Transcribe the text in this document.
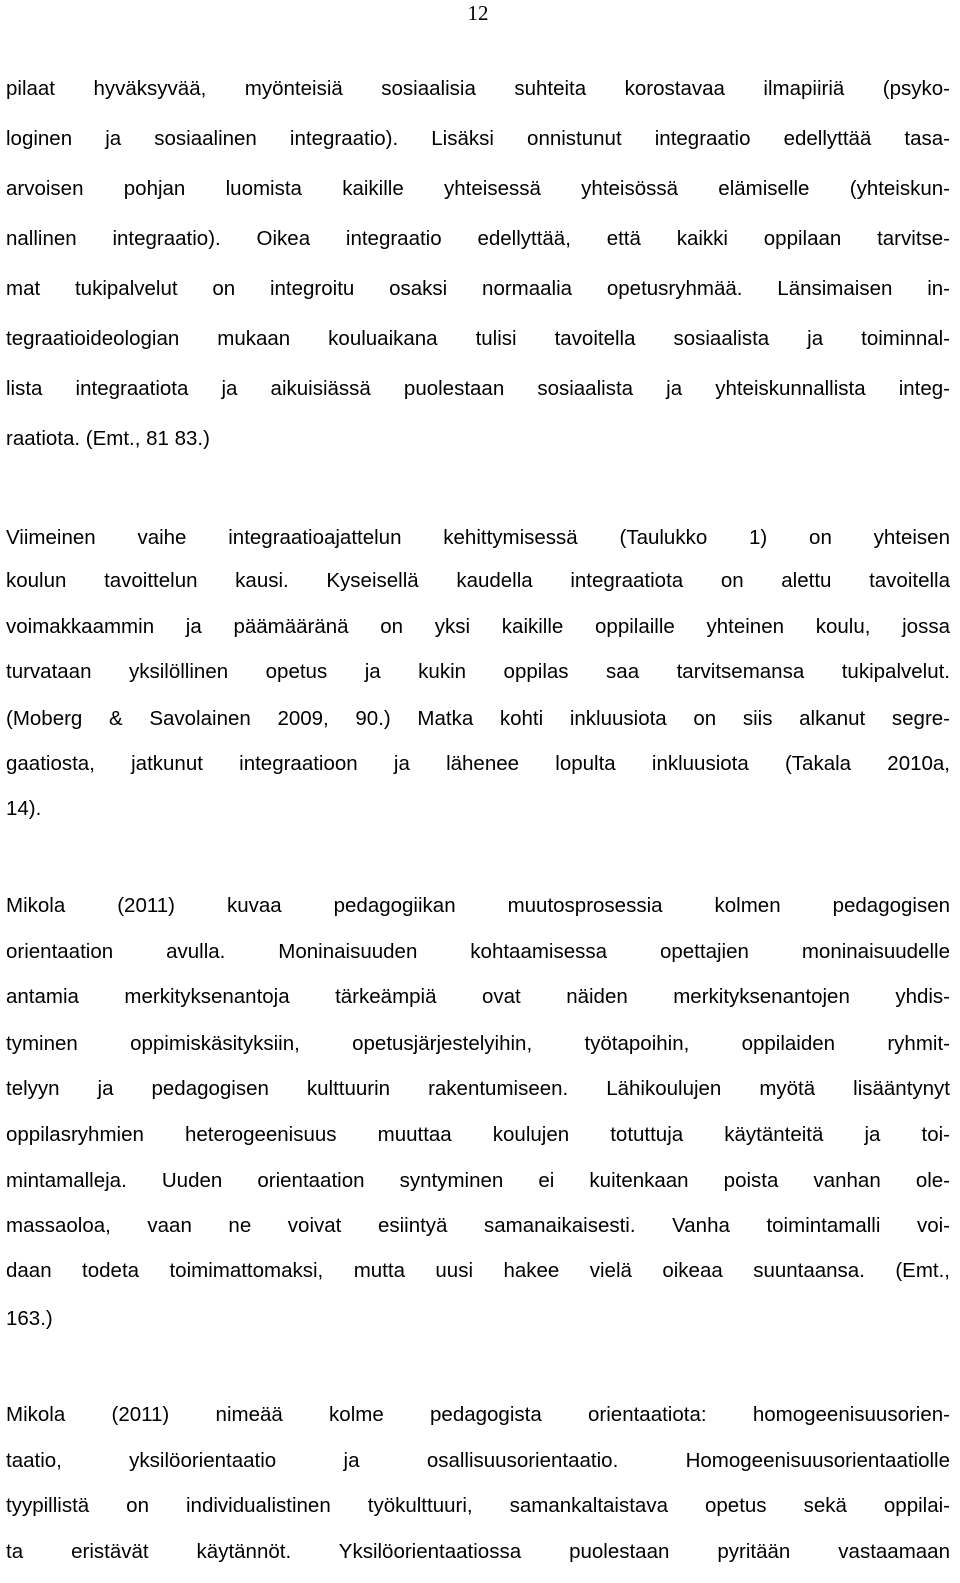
12
pilaat hyväksyvää, myönteisiä sosiaalisia suhteita korostavaa ilmapiiriä (psyko-
loginen ja sosiaalinen integraatio). Lisäksi onnistunut integraatio edellyttää tasa-
arvoisen pohjan luomista kaikille yhteisessä yhteisössä elämiselle (yhteiskun-
nallinen integraatio). Oikea integraatio edellyttää, että kaikki oppilaan tarvitse-
mat tukipalvelut on integroitu osaksi normaalia opetusryhmää. Länsimaisen in-
tegraatioideologian mukaan kouluaikana tulisi tavoitella sosiaalista ja toiminnal-
lista integraatiota ja aikuisiässä puolestaan sosiaalista ja yhteiskunnallista integ-
raatiota. (Emt., 81 83.)
Viimeinen vaihe integraatioajattelun kehittymisessä (Taulukko 1) on yhteisen
koulun tavoittelun kausi. Kyseisellä kaudella integraatiota on alettu tavoitella
voimakkaammin ja päämääränä on yksi kaikille oppilaille yhteinen koulu, jossa
turvataan yksilöllinen opetus ja kukin oppilas saa tarvitsemansa tukipalvelut.
(Moberg & Savolainen 2009, 90.) Matka kohti inkluusiota on siis alkanut segre-
gaatiosta, jatkunut integraatioon ja lähenee lopulta inkluusiota (Takala 2010a,
14).
Mikola (2011) kuvaa pedagogiikan muutosprosessia kolmen pedagogisen
orientaation avulla. Moninaisuuden kohtaamisessa opettajien moninaisuudelle
antamia merkityksenantoja tärkeämpiä ovat näiden merkityksenantojen yhdis-
tyminen oppimiskäsityksiin, opetusjärjestelyihin, työtapoihin, oppilaiden ryhmit-
telyyn ja pedagogisen kulttuurin rakentumiseen. Lähikoulujen myötä lisääntynyt
oppilasryhmien heterogeenisuus muuttaa koulujen totuttuja käytänteitä ja toi-
mintamalleja. Uuden orientaation syntyminen ei kuitenkaan poista vanhan ole-
massaoloa, vaan ne voivat esiintyä samanaikaisesti. Vanha toimintamalli voi-
daan todeta toimimattomaksi, mutta uusi hakee vielä oikeaa suuntaansa. (Emt.,
163.)
Mikola (2011) nimeää kolme pedagogista orientaatiota: homogeenisuusorien-
taatio, yksilöorientaatio ja osallisuusorientaatio. Homogeenisuusorientaatiolle
tyypillistä on individualistinen työkulttuuri, samankaltaistava opetus sekä oppilai-
ta eristävät käytännöt. Yksilöorientaatiossa puolestaan pyritään vastaamaan
